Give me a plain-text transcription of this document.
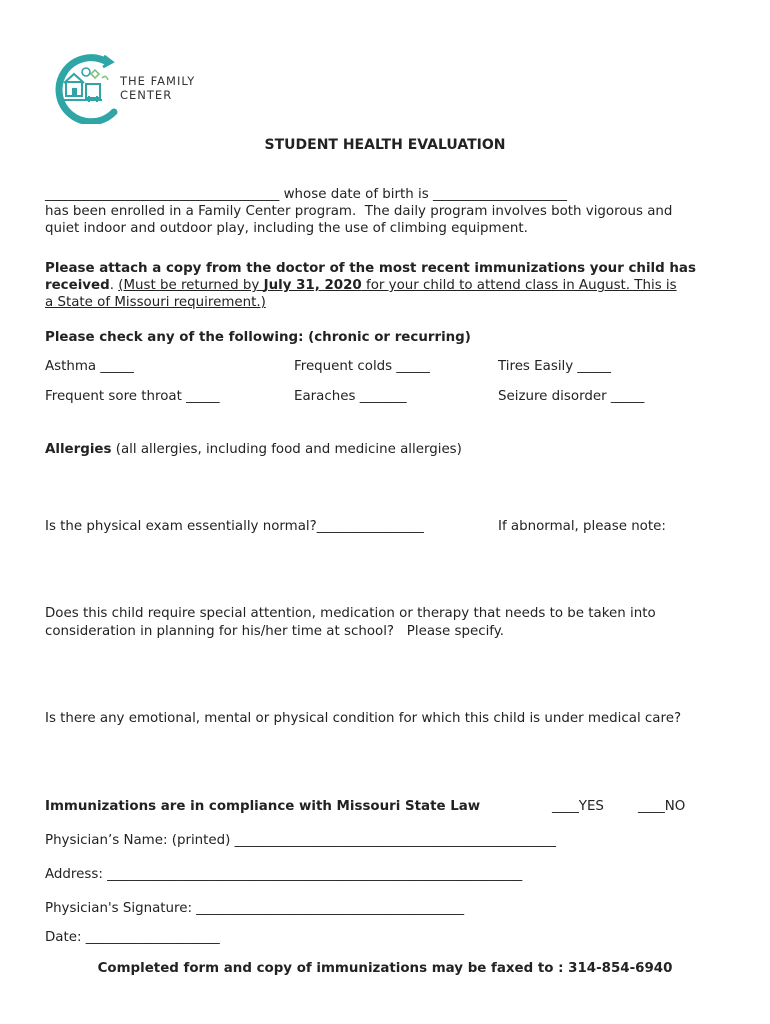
THE FAMILY
CENTER
STUDENT HEALTH EVALUATION
___________________________________ whose date of birth is ____________________
has been enrolled in a Family Center program.  The daily program involves both vigorous and
quiet indoor and outdoor play, including the use of climbing equipment.
Please attach a copy from the doctor of the most recent immunizations your child has
received. (Must be returned by July 31, 2020 for your child to attend class in August. This is
a State of Missouri requirement.)
Please check any of the following: (chronic or recurring)
Asthma _____	Frequent colds _____	Tires Easily _____
Frequent sore throat _____	Earaches _______	Seizure disorder _____
Allergies (all allergies, including food and medicine allergies)
Is the physical exam essentially normal?________________	If abnormal, please note:
Does this child require special attention, medication or therapy that needs to be taken into
consideration in planning for his/her time at school?   Please specify.
Is there any emotional, mental or physical condition for which this child is under medical care?
Immunizations are in compliance with Missouri State Law	____YES	____NO
Physician’s Name: (printed) ________________________________________________
Address: ______________________________________________________________
Physician's Signature: ________________________________________
Date: ____________________
Completed form and copy of immunizations may be faxed to : 314-854-6940
